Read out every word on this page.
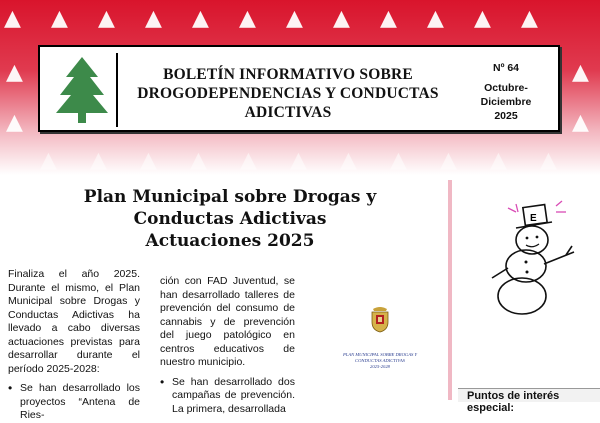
▲ ▲ ▲ ▲ ▲ ▲ ▲ ▲ ▲ ▲ ▲ ▲
▲
▲
▲
▲
▲ ▲ ▲ ▲ ▲ ▲ ▲ ▲ ▲ ▲ ▲
BOLETÍN INFORMATIVO SOBRE
DROGODEPENDENCIAS Y CONDUCTAS ADICTIVAS
Nº 64
Octubre-Diciembre
2025
Plan Municipal sobre Drogas y
Conductas Adictivas
Actuaciones 2025

Finaliza el año 2025. Durante el mismo, el Plan Municipal sobre Drogas y Conductas Adictivas ha llevado a cabo diversas actuaciones previstas para desarrollar durante el período 2025-2028:

• Se han desarrollado los proyectos “Antena de Ries-

ción con FAD Juventud, se han desarrollado talleres de prevención del consumo de cannabis y de prevención del juego patológico en centros educativos de nuestro municipio.

• Se han desarrollado dos campañas de prevención. La primera, desarrollada

PLAN MUNICIPAL SOBRE DROGAS Y
CONDUCTAS ADICTIVAS
2025-2028
E
Puntos de interés especial:
